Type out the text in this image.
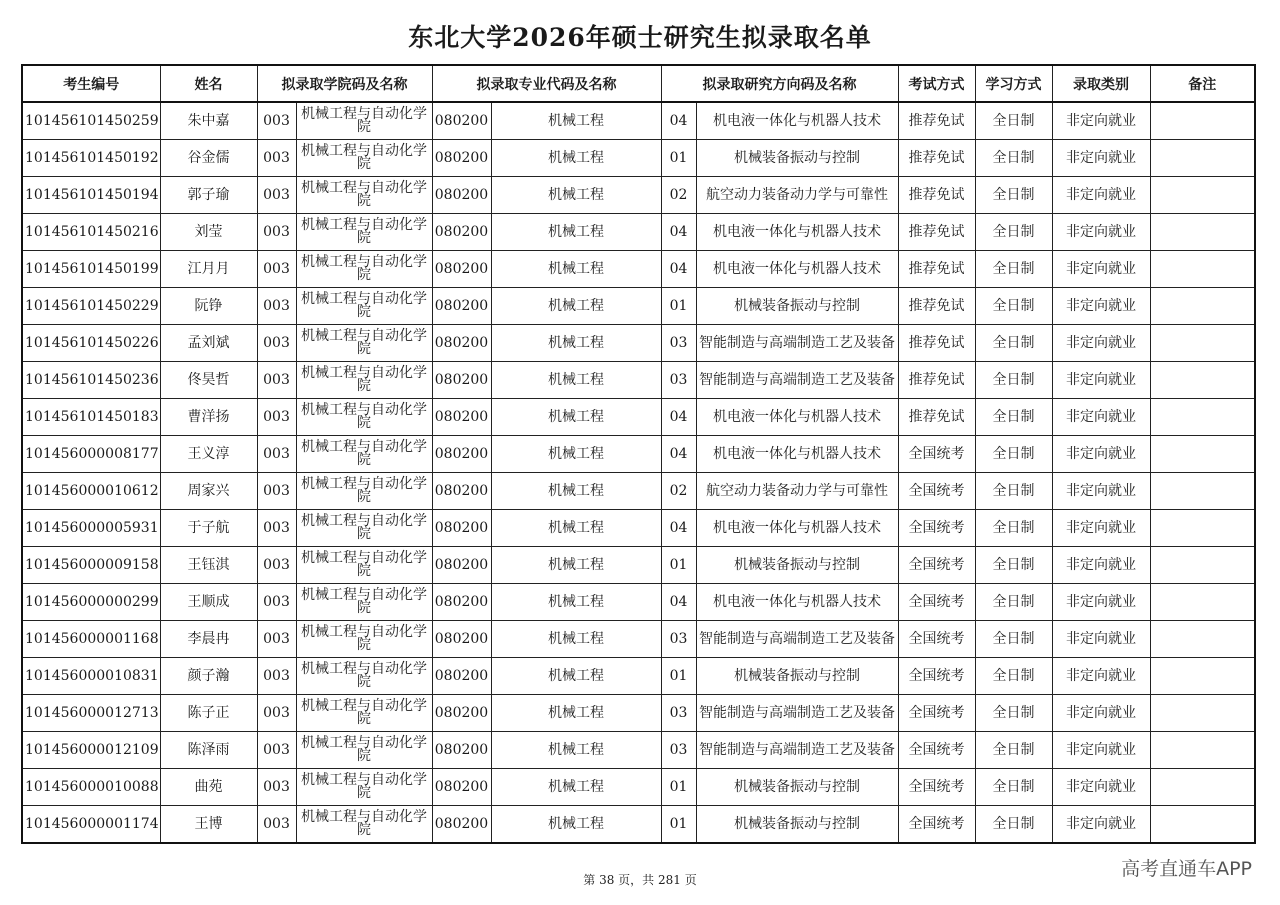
东北大学2026年硕士研究生拟录取名单
考生编号	姓名	拟录取学院码及名称		拟录取专业代码及名称		拟录取研究方向码及名称		考试方式	学习方式	录取类别	备注
101456101450259	朱中嘉	003	机械工程与自动化学院	080200	机械工程	04	机电液一体化与机器人技术	推荐免试	全日制	非定向就业	
101456101450192	谷金儒	003	机械工程与自动化学院	080200	机械工程	01	机械装备振动与控制	推荐免试	全日制	非定向就业	
101456101450194	郭子瑜	003	机械工程与自动化学院	080200	机械工程	02	航空动力装备动力学与可靠性	推荐免试	全日制	非定向就业	
101456101450216	刘莹	003	机械工程与自动化学院	080200	机械工程	04	机电液一体化与机器人技术	推荐免试	全日制	非定向就业	
101456101450199	江月月	003	机械工程与自动化学院	080200	机械工程	04	机电液一体化与机器人技术	推荐免试	全日制	非定向就业	
101456101450229	阮铮	003	机械工程与自动化学院	080200	机械工程	01	机械装备振动与控制	推荐免试	全日制	非定向就业	
101456101450226	孟刘斌	003	机械工程与自动化学院	080200	机械工程	03	智能制造与高端制造工艺及装备	推荐免试	全日制	非定向就业	
101456101450236	佟昊哲	003	机械工程与自动化学院	080200	机械工程	03	智能制造与高端制造工艺及装备	推荐免试	全日制	非定向就业	
101456101450183	曹洋扬	003	机械工程与自动化学院	080200	机械工程	04	机电液一体化与机器人技术	推荐免试	全日制	非定向就业	
101456000008177	王义淳	003	机械工程与自动化学院	080200	机械工程	04	机电液一体化与机器人技术	全国统考	全日制	非定向就业	
101456000010612	周家兴	003	机械工程与自动化学院	080200	机械工程	02	航空动力装备动力学与可靠性	全国统考	全日制	非定向就业	
101456000005931	于子航	003	机械工程与自动化学院	080200	机械工程	04	机电液一体化与机器人技术	全国统考	全日制	非定向就业	
101456000009158	王钰淇	003	机械工程与自动化学院	080200	机械工程	01	机械装备振动与控制	全国统考	全日制	非定向就业	
101456000000299	王顺成	003	机械工程与自动化学院	080200	机械工程	04	机电液一体化与机器人技术	全国统考	全日制	非定向就业	
101456000001168	李晨冉	003	机械工程与自动化学院	080200	机械工程	03	智能制造与高端制造工艺及装备	全国统考	全日制	非定向就业	
101456000010831	颜子瀚	003	机械工程与自动化学院	080200	机械工程	01	机械装备振动与控制	全国统考	全日制	非定向就业	
101456000012713	陈子正	003	机械工程与自动化学院	080200	机械工程	03	智能制造与高端制造工艺及装备	全国统考	全日制	非定向就业	
101456000012109	陈泽雨	003	机械工程与自动化学院	080200	机械工程	03	智能制造与高端制造工艺及装备	全国统考	全日制	非定向就业	
101456000010088	曲苑	003	机械工程与自动化学院	080200	机械工程	01	机械装备振动与控制	全国统考	全日制	非定向就业	
101456000001174	王博	003	机械工程与自动化学院	080200	机械工程	01	机械装备振动与控制	全国统考	全日制	非定向就业	
第 38 页，共 281 页	高考直通车APP
